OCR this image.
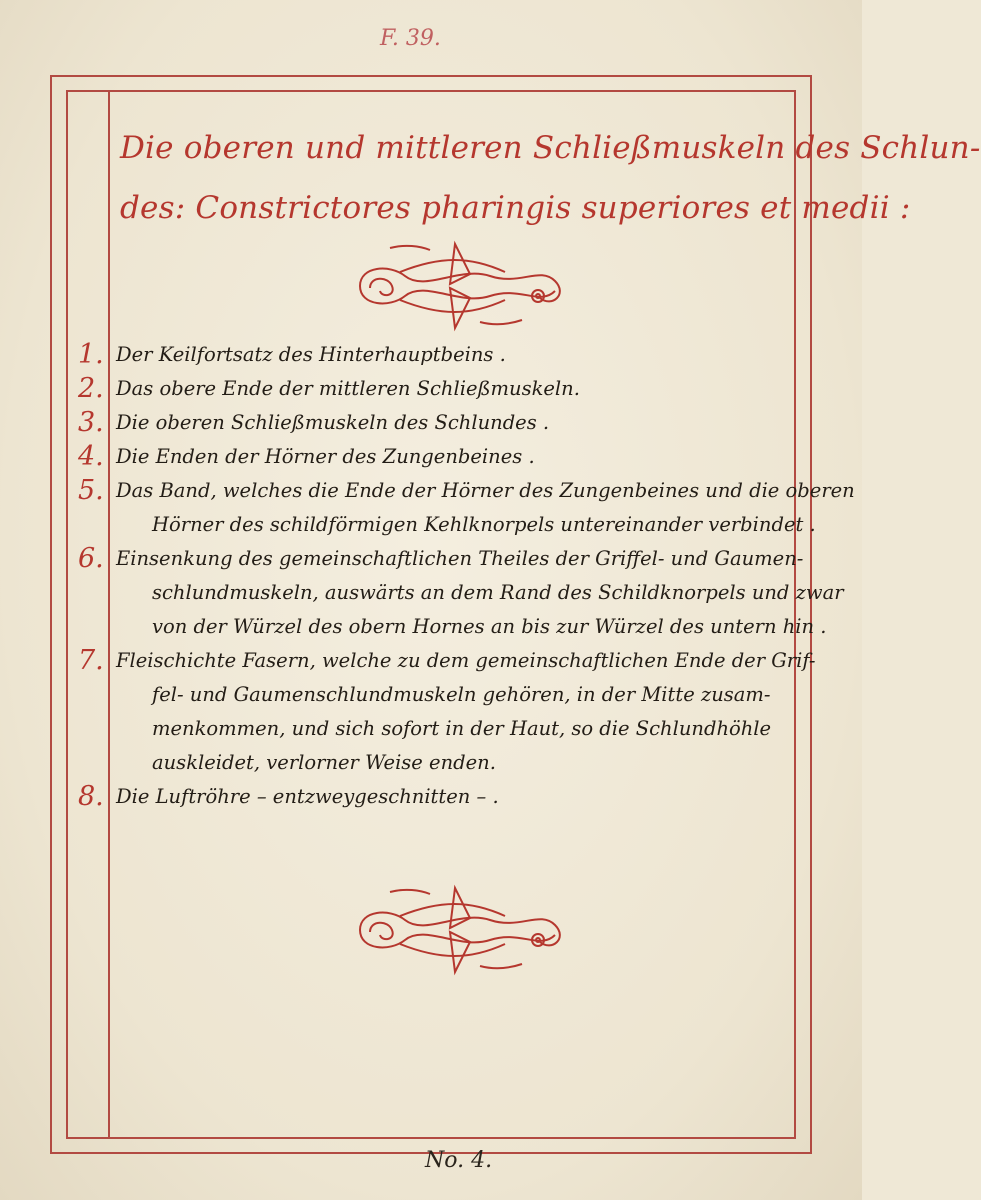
F. 39.
Die oberen und mittleren Schließmuskeln des Schlun-
des: Constrictores pharingis superiores et medii :
1. Der Keilfortsatz des Hinterhauptbeins .
2. Das obere Ende der mittleren Schließmuskeln.
3. Die oberen Schließmuskeln des Schlundes .
4. Die Enden der Hörner des Zungenbeines .
5. Das Band, welches die Ende der Hörner des Zungenbeines und die oberen
Hörner des schildförmigen Kehlknorpels untereinander verbindet .
6. Einsenkung des gemeinschaftlichen Theiles der Griffel- und Gaumen-
schlundmuskeln, auswärts an dem Rand des Schildknorpels und zwar
von der Würzel des obern Hornes an bis zur Würzel des untern hin .
7. Fleischichte Fasern, welche zu dem gemeinschaftlichen Ende der Grif-
fel- und Gaumenschlundmuskeln gehören, in der Mitte zusam-
menkommen, und sich sofort in der Haut, so die Schlundhöhle
auskleidet, verlorner Weise enden.
8. Die Luftröhre – entzweygeschnitten – .
No. 4.
